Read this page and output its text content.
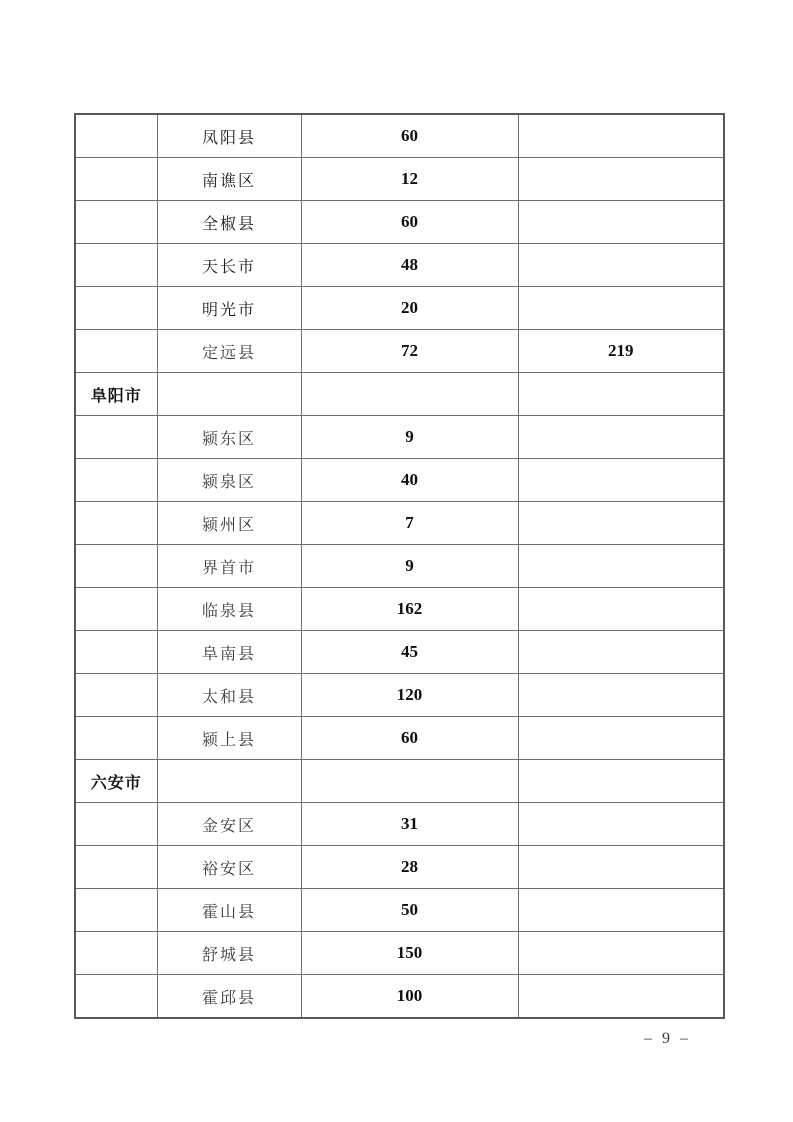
	凤阳县	60	
	南谯区	12	
	全椒县	60	
	天长市	48	
	明光市	20	
	定远县	72	219
阜阳市			
	颍东区	9	
	颍泉区	40	
	颍州区	7	
	界首市	9	
	临泉县	162	
	阜南县	45	
	太和县	120	
	颍上县	60	
六安市			
	金安区	31	
	裕安区	28	
	霍山县	50	
	舒城县	150	
	霍邱县	100	
– 9 –
